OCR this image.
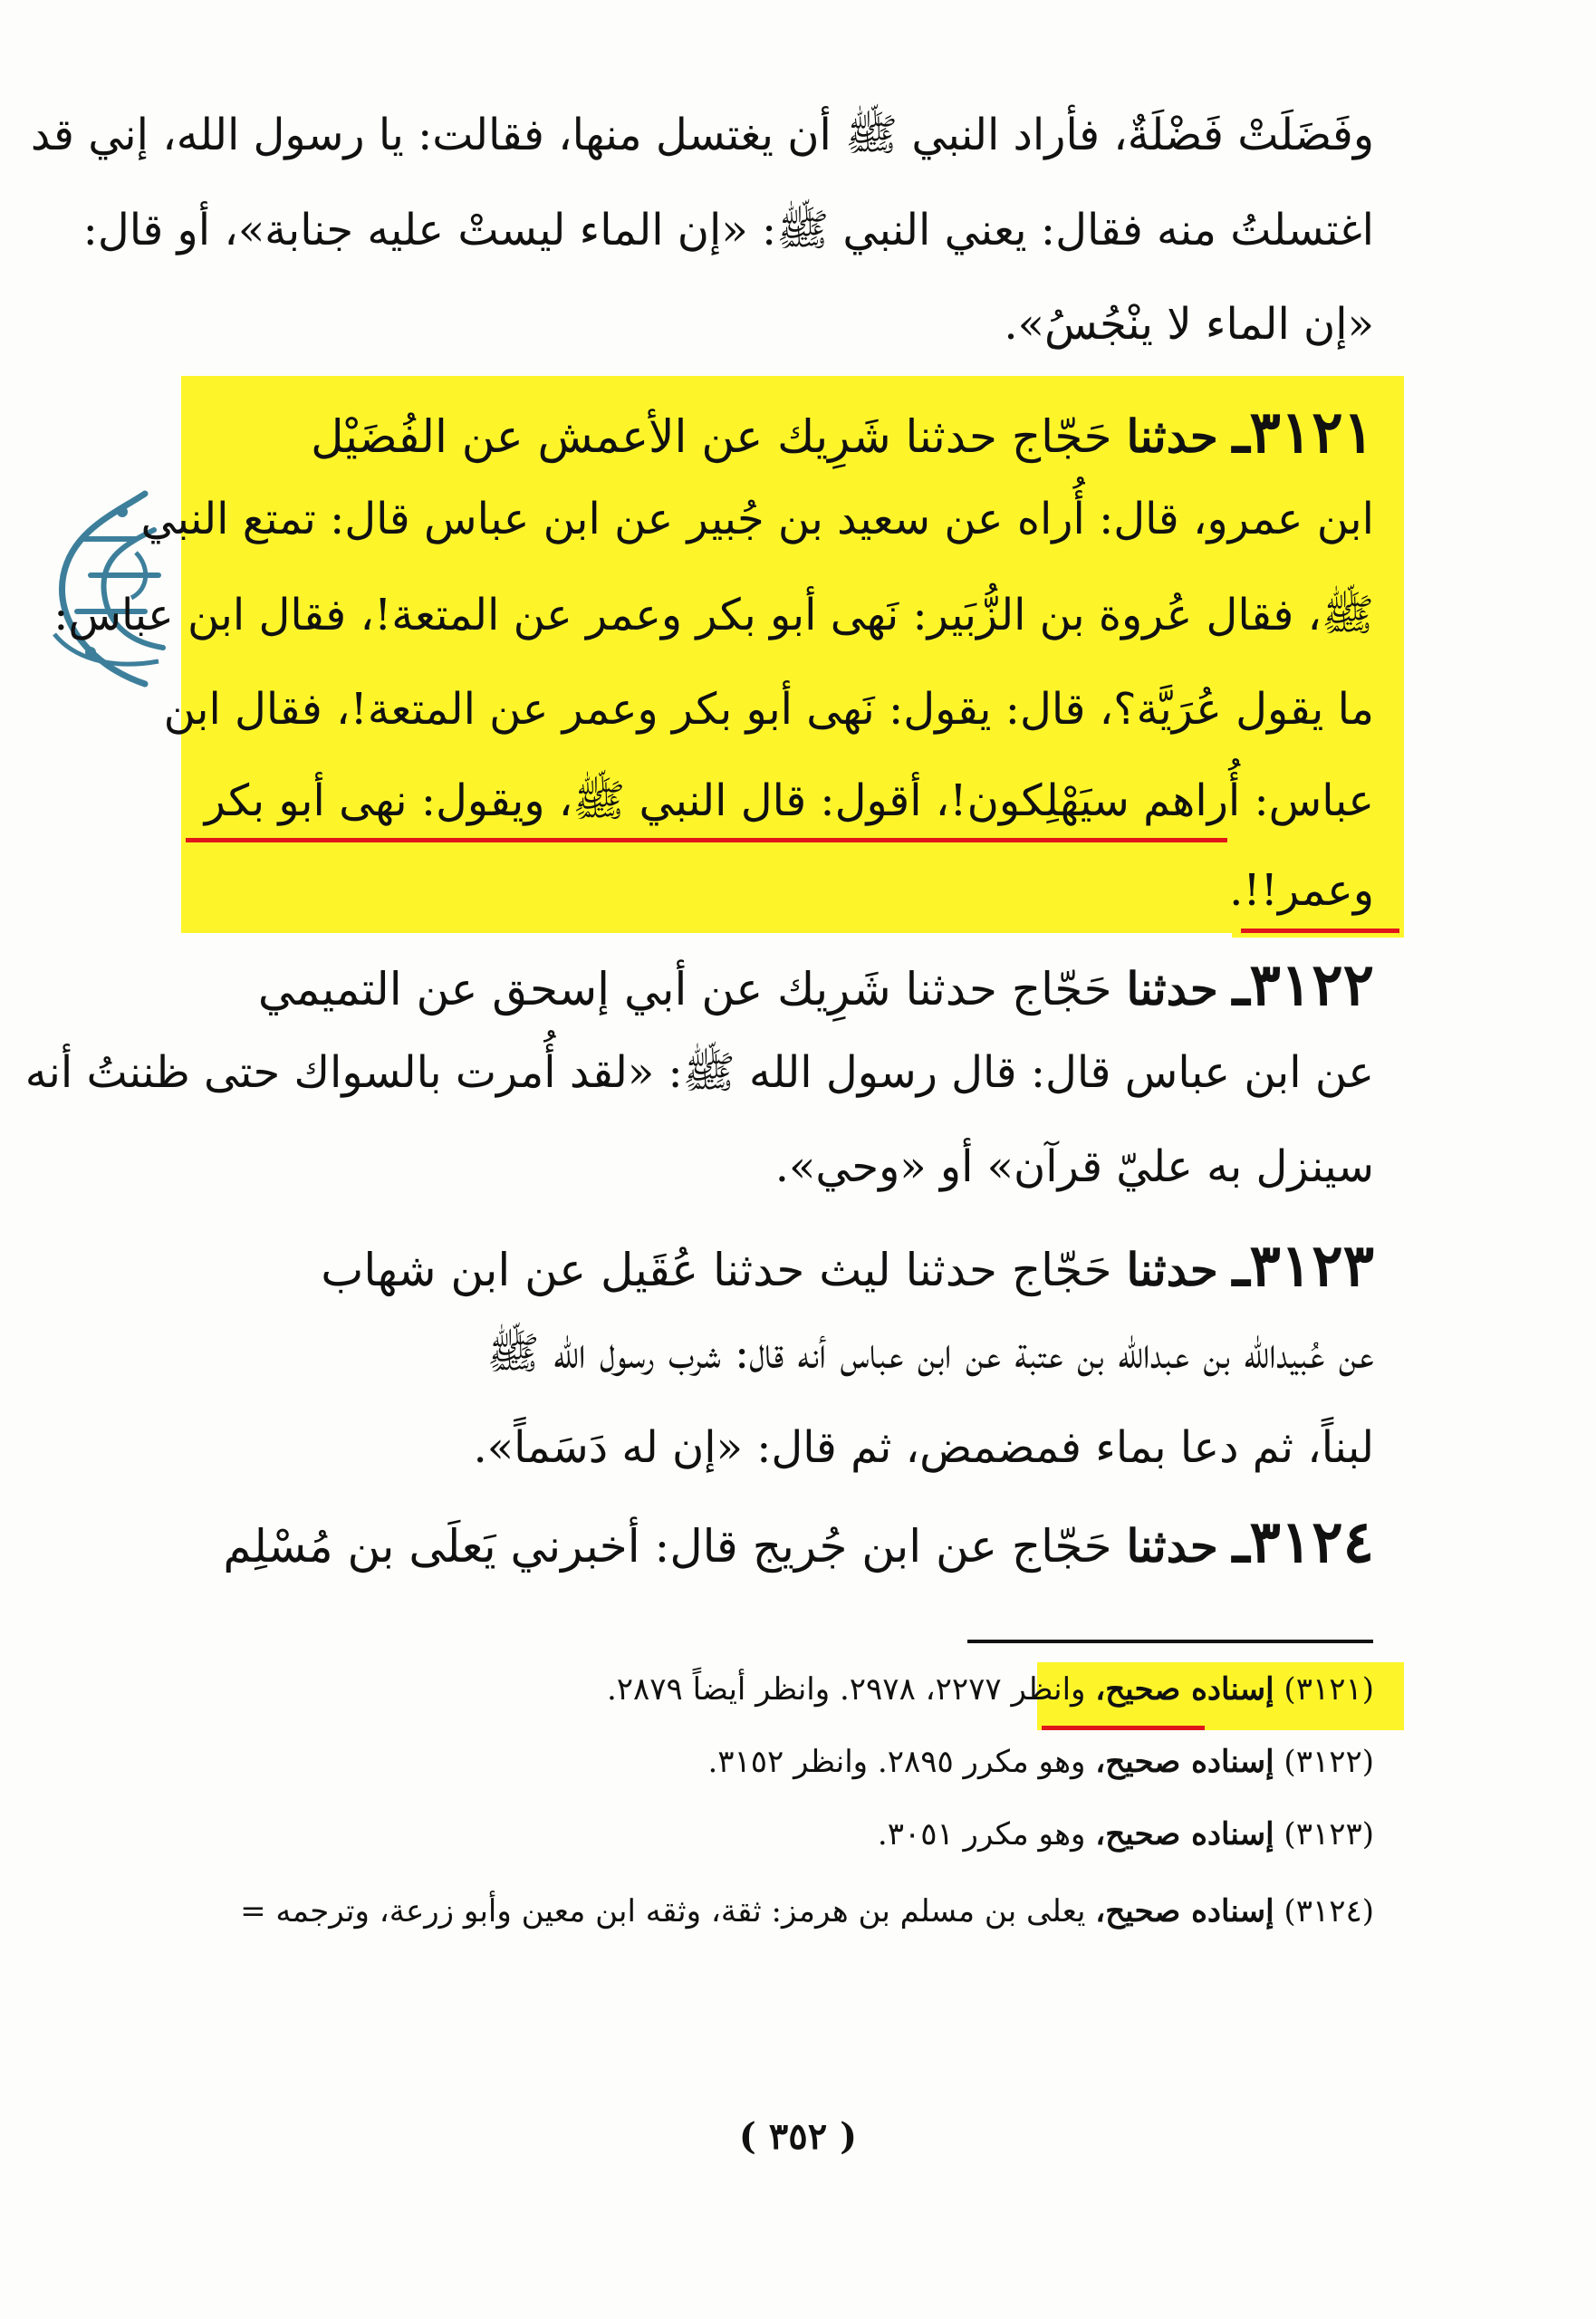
وفَضَلَتْ فَضْلَةٌ، فأراد النبي ﷺ أن يغتسل منها، فقالت: يا رسول الله، إني قد
اغتسلتُ منه فقال: يعني النبي ﷺ: «إن الماء ليستْ عليه جنابة»، أو قال:
«إن الماء لا ينْجُسُ».
٣١٢١ـ حدثنا حَجّاج حدثنا شَرِيك عن الأعمش عن الفُضَيْل
ابن عمرو، قال: أُراه عن سعيد بن جُبير عن ابن عباس قال: تمتع النبي
ﷺ، فقال عُروة بن الزُّبَير: نَهى أبو بكر وعمر عن المتعة!، فقال ابن عباس:
ما يقول عُرَيَّة؟، قال: يقول: نَهى أبو بكر وعمر عن المتعة!، فقال ابن
عباس: أُراهم سيَهْلِكون!، أقول: قال النبي ﷺ، ويقول: نهى أبو بكر
وعمر!!.
٣١٢٢ـ حدثنا حَجّاج حدثنا شَرِيك عن أبي إسحق عن التميمي
عن ابن عباس قال: قال رسول الله ﷺ: «لقد أُمرت بالسواك حتى ظننتُ أنه
سينزل به عليّ قرآن» أو «وحي».
٣١٢٣ـ حدثنا حَجّاج حدثنا ليث حدثنا عُقَيل عن ابن شهاب
عن عُبيدالله بن عبدالله بن عتبة عن ابن عباس أنه قال: شرب رسول الله ﷺ
لبناً، ثم دعا بماء فمضمض، ثم قال: «إن له دَسَماً».
٣١٢٤ـ حدثنا حَجّاج عن ابن جُريج قال: أخبرني يَعلَى بن مُسْلِم
(٣١٢١) إسناده صحيح، وانظر ٢٢٧٧، ٢٩٧٨. وانظر أيضاً ٢٨٧٩.
(٣١٢٢) إسناده صحيح، وهو مكرر ٢٨٩٥. وانظر ٣١٥٢.
(٣١٢٣) إسناده صحيح، وهو مكرر ٣٠٥١.
(٣١٢٤) إسناده صحيح، يعلى بن مسلم بن هرمز: ثقة، وثقه ابن معين وأبو زرعة، وترجمه =
( ٣٥٢ )
